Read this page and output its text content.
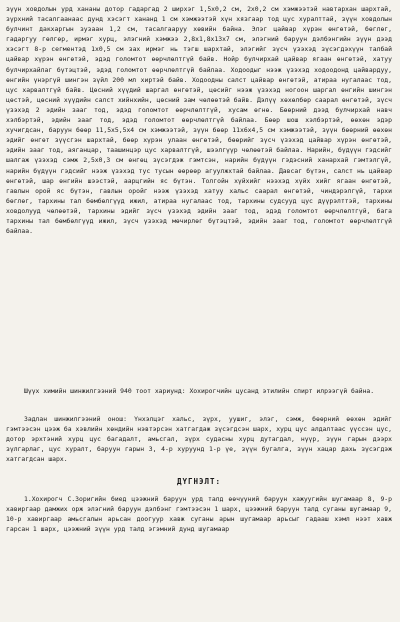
зүүн ховдолын урд хананы дотор гадаргад 2 ширхэг 1,5х0,2 см, 2х0,2 см хэмжээтэй навтархан шархтай, зүрхний тасалгаанаас дунд хэсэгт хананд 1 см хэмжээтэй хүн хязгаар тод цус хуралттай, зүүн ховдолын булчинт дакхаргын зузаан 1,2 см, тасалгааруу хөвийн байна. Элэг цайвар хүрэн өнгөтэй, бөглөг, гадаргуу гөлгөр, ирмэг хурц, элэгний хэмжээ 2,8х1,8х13х7 см, элэгний баруун дэлбэнгийн зүүн дээд хэсэгт 8-р сегментэд 1х0,5 см зах ирмэг нь тэгш шархтай, элэгийг зүсч үзэхэд зүсэгдэхүүн талбай цайвар хүрэн өнгөтэй, эдэд голомтот өөрчлөлтгүй байв. Нойр булчирхай цайвар ягаан өнгөтэй, хатуу булчирхайлаг бүтэцтэй, эдэд голомтот өөрчлөлтгүй байлаа. Ходоодыг нээж үзэхэд ходоодонд цайвардуу, өнгийн үнэргүй шингэн зүйл 200 мл хиртэй байв. Ходоодны салст цайвар өнгөтэй, атираа нугалаас тод, цус харвалтгүй байв. Цөсний хүүдий шаргал өнгөтэй, цөсийг нээж үзэхэд ногоон шаргал өнгийн шингэн цөстэй, цөсний хүүдийн салст хийнхийн, цөсний зам чөлөөтэй байв. Дэлүү хөхөлбөр саарал өнгөтэй, зүсч үзэхэд 2 эдийн зааг тод, эдэд голомтот өөрчлөлтгүй, хусам өгнө. Бөөрний дээд булчирхай навч хэлбэртэй, эдийн зааг тод, эдэд голомтот өөрчлөлтгүй байлаа. Бөөр шош хэлбэртэй, өөхөн эдэр хучигдсан, баруун бөөр 11,5х5,5х4 см хэмжээтэй, зүүн бөөр 11х6х4,5 см хэмжээтэй, зүүн бөөрний өөхөн эдийг өнгөт зүүсгэн шархтай, бөөр хүрэн улаан өнгөтэй, бөөрийг зүсч үзэхэд цайвар хүрэн өнгөтэй, эдийн зааг тод, аяганцар, таашинцэр цус харвалтгүй, шээлгүүр чөлөөтэй байлаа. Нарийн, бүдүүн гэдсийг шалгаж үзэхэд сэмж 2,5х0,3 см өнгөц зүсэгдэж гэмтсэн, нарийн бүдүүн гэдэсний ханархай гэмтэлгүй, нарийн бүдүүн гэдсийг нээж үзэхэд тус тусын өөрөөр агуулжхтай байлаа. Давсаг бүтэн, салст нь цайвар өнгөтэй, шар өнгийн шээстэй, аарцгийн яс бүтэн. Толгойн хүйхийг нээхэд хүйх хийг ягаан өнгөтэй, гавлын орой яс бүтэн, гавлын оройг нээж үзэхэд хатуу хальс саарал өнгөтэй, чиндэрэлгүй, тархи бөглөг, тархины тал бөмбөлгүүд ижил, атираа нугалаас тод, тархины судсууд цус дүүрэлттэй, тархины ховдолууд чөлөөтэй, тархины эдийг зүсч үзэхэд эдийн зааг тод, эдэд голомтот өөрчлөлтгүй, бага тархины тал бөмбөлгүүд ижил, зүсч үзэхэд мөчирлөг бүтэцтэй, эдийн зааг тод, голомтот өөрчлөлтгүй байлаа.

Шүүх химийн шинжилгээний 940 тоот хариунд: Хохирогчийн цусанд этилийн спирт илрээгүй байна.

Задлан шинжилгээний онош: Үнхэлцэг хальс, зүрх, уушиг, элэг, сэмж, бөөрний өөхөн эдийг гэмтээсэн цээж ба хэвлийн хөндийн нэвтэрсэн хатгагдаж зүсэгдсэн шарх, хурц цус алдалтаас үүссэн цус, дотор эрхтэний хурц цус багадалт, амьсгал, зүрх судасны хурц дутагдал, нүүр, зүүн гарын дээрх зүлгарлаг, цус хуралт, баруун гарын 3, 4-р хуруунд 1-р үе, зүүн бугалга, зүүн хацар дахь зүсэгдэж хатгагдсан шарх.

ДҮГНЭЛТ:

1.Хохирогч С.Зоригийн биед цээжний баруун урд талд өөчүүний баруун хажуугийн шугамаар 8, 9-р хавиргаар дамжих орж элэгний баруун дэлбэнг гэмтээсэн 1 шарх, цээжний баруун талд суганы шугамаар 9, 10-р хавиргаар амьсгалын арьсан доогуур хавж суганы арын шугамаар арьсыг гадааш хэмл нээт хавж гарсан 1 шарх, цээжний зүүн урд талд эгэмний дунд шугамаар
